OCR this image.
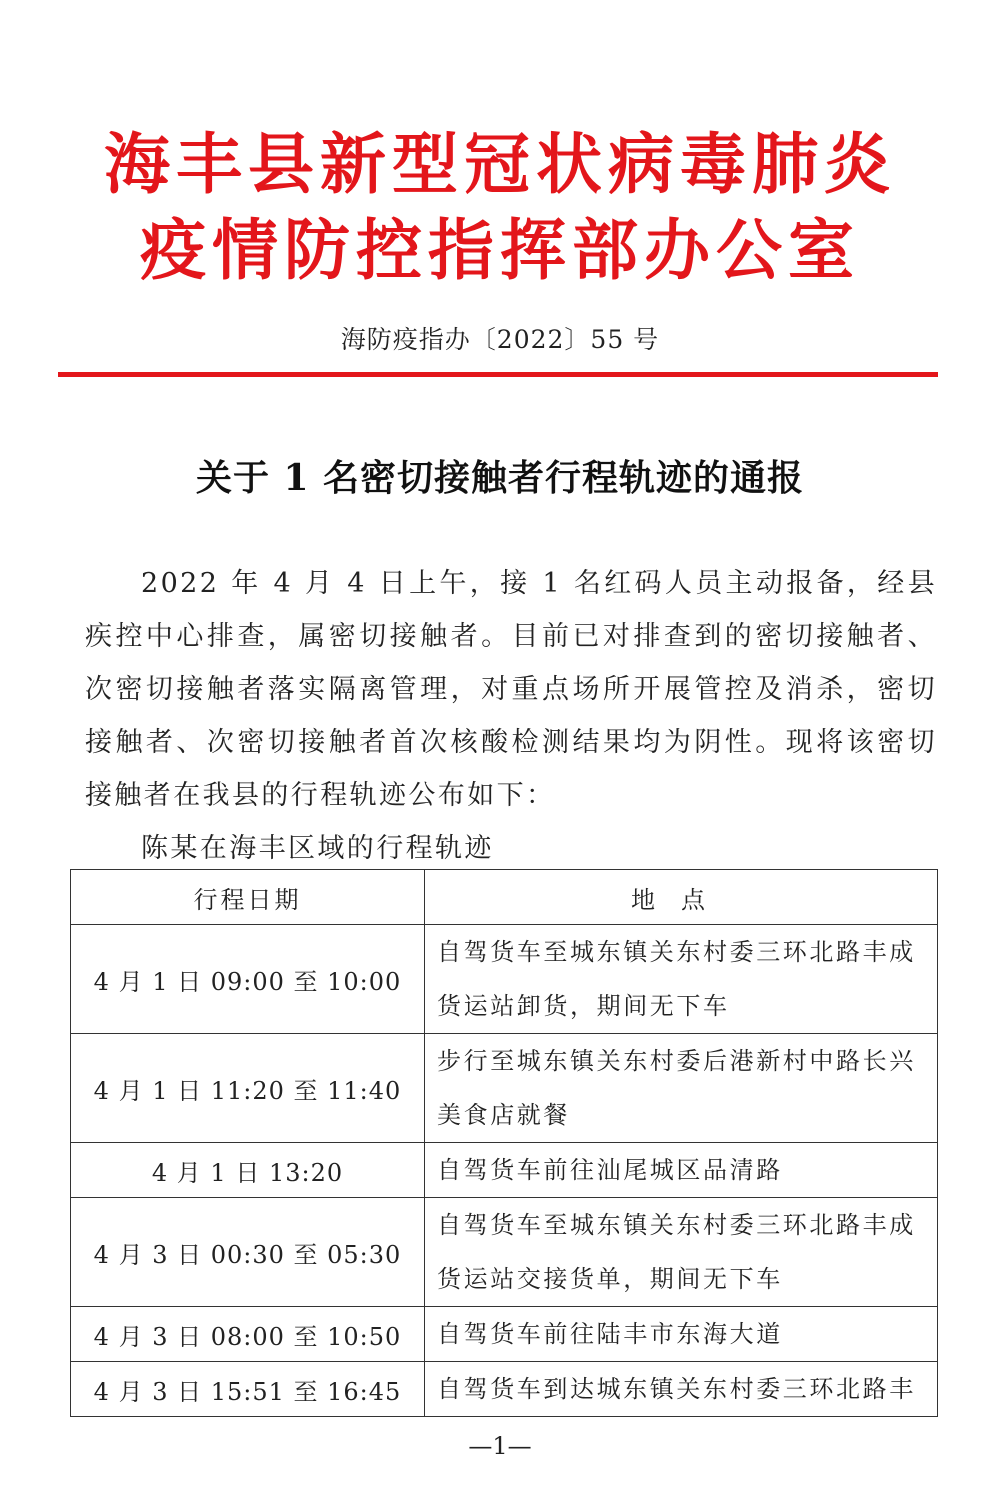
海丰县新型冠状病毒肺炎
疫情防控指挥部办公室
海防疫指办〔2022〕55 号
关于 1 名密切接触者行程轨迹的通报

2022 年 4 月 4 日上午，接 1 名红码人员主动报备，经县疾控中心排查，属密切接触者。目前已对排查到的密切接触者、次密切接触者落实隔离管理，对重点场所开展管控及消杀，密切接触者、次密切接触者首次核酸检测结果均为阴性。现将该密切接触者在我县的行程轨迹公布如下：

陈某在海丰区域的行程轨迹
行程日期	地点
4 月 1 日 09:00 至 10:00	自驾货车至城东镇关东村委三环北路丰成货运站卸货，期间无下车
4 月 1 日 11:20 至 11:40	步行至城东镇关东村委后港新村中路长兴美食店就餐
4 月 1 日 13:20	自驾货车前往汕尾城区品清路
4 月 3 日 00:30 至 05:30	自驾货车至城东镇关东村委三环北路丰成货运站交接货单，期间无下车
4 月 3 日 08:00 至 10:50	自驾货车前往陆丰市东海大道
4 月 3 日 15:51 至 16:45	自驾货车到达城东镇关东村委三环北路丰
—1—
